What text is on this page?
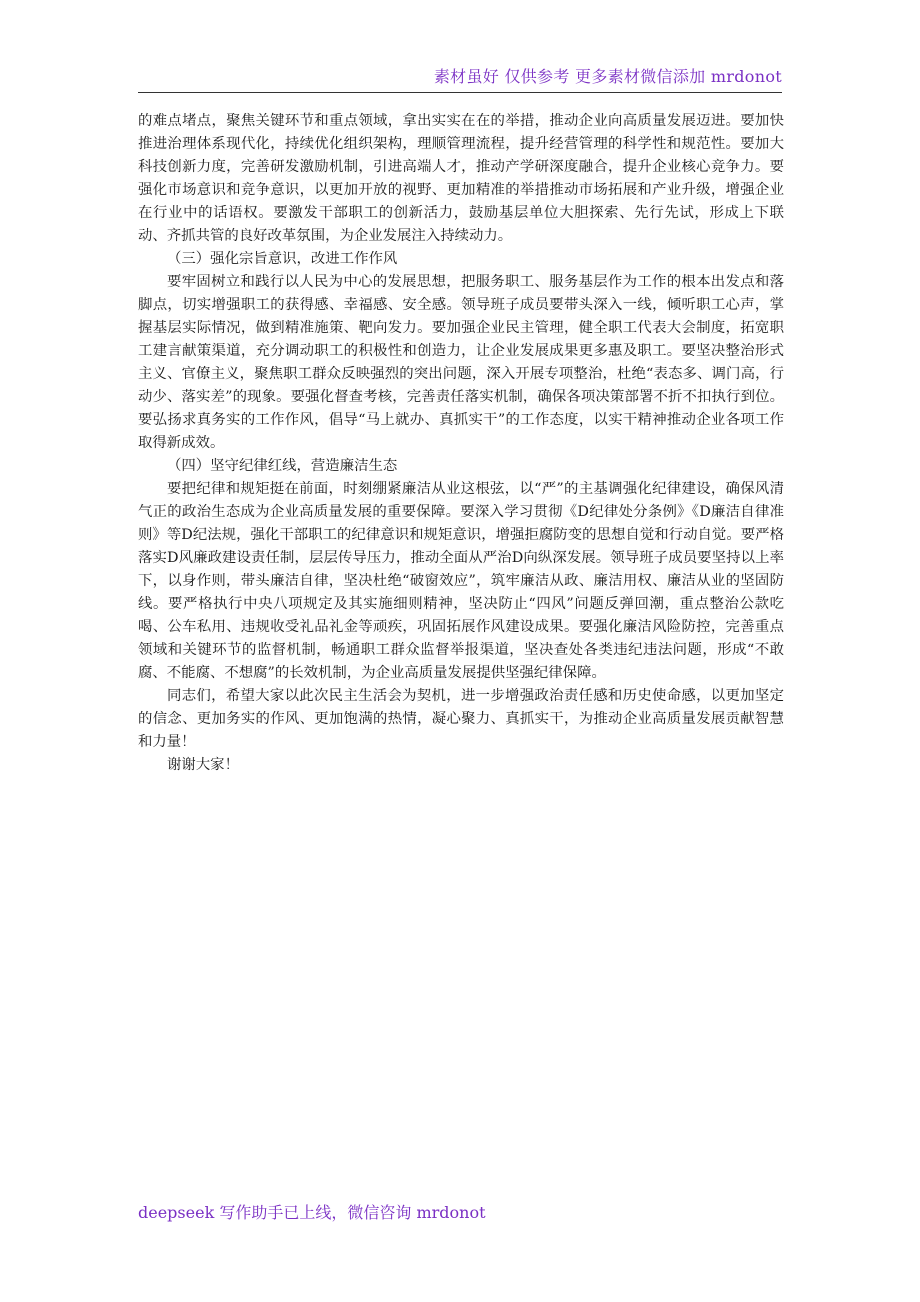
素材虽好 仅供参考 更多素材微信添加 mrdonot

的难点堵点，聚焦关键环节和重点领域，拿出实实在在的举措，推动企业向高质量发展迈进。要加快推进治理体系现代化，持续优化组织架构，理顺管理流程，提升经营管理的科学性和规范性。要加大科技创新力度，完善研发激励机制，引进高端人才，推动产学研深度融合，提升企业核心竞争力。要强化市场意识和竞争意识，以更加开放的视野、更加精准的举措推动市场拓展和产业升级，增强企业在行业中的话语权。要激发干部职工的创新活力，鼓励基层单位大胆探索、先行先试，形成上下联动、齐抓共管的良好改革氛围，为企业发展注入持续动力。

（三）强化宗旨意识，改进工作作风

要牢固树立和践行以人民为中心的发展思想，把服务职工、服务基层作为工作的根本出发点和落脚点，切实增强职工的获得感、幸福感、安全感。领导班子成员要带头深入一线，倾听职工心声，掌握基层实际情况，做到精准施策、靶向发力。要加强企业民主管理，健全职工代表大会制度，拓宽职工建言献策渠道，充分调动职工的积极性和创造力，让企业发展成果更多惠及职工。要坚决整治形式主义、官僚主义，聚焦职工群众反映强烈的突出问题，深入开展专项整治，杜绝“表态多、调门高，行动少、落实差”的现象。要强化督查考核，完善责任落实机制，确保各项决策部署不折不扣执行到位。要弘扬求真务实的工作作风，倡导“马上就办、真抓实干”的工作态度，以实干精神推动企业各项工作取得新成效。

（四）坚守纪律红线，营造廉洁生态

要把纪律和规矩挺在前面，时刻绷紧廉洁从业这根弦，以“严”的主基调强化纪律建设，确保风清气正的政治生态成为企业高质量发展的重要保障。要深入学习贯彻《D纪律处分条例》《D廉洁自律准则》等D纪法规，强化干部职工的纪律意识和规矩意识，增强拒腐防变的思想自觉和行动自觉。要严格落实D风廉政建设责任制，层层传导压力，推动全面从严治D向纵深发展。领导班子成员要坚持以上率下，以身作则，带头廉洁自律，坚决杜绝“破窗效应”，筑牢廉洁从政、廉洁用权、廉洁从业的坚固防线。要严格执行中央八项规定及其实施细则精神，坚决防止“四风”问题反弹回潮，重点整治公款吃喝、公车私用、违规收受礼品礼金等顽疾，巩固拓展作风建设成果。要强化廉洁风险防控，完善重点领域和关键环节的监督机制，畅通职工群众监督举报渠道，坚决查处各类违纪违法问题，形成“不敢腐、不能腐、不想腐”的长效机制，为企业高质量发展提供坚强纪律保障。

同志们，希望大家以此次民主生活会为契机，进一步增强政治责任感和历史使命感，以更加坚定的信念、更加务实的作风、更加饱满的热情，凝心聚力、真抓实干，为推动企业高质量发展贡献智慧和力量！

谢谢大家！

deepseek 写作助手已上线，微信咨询 mrdonot
